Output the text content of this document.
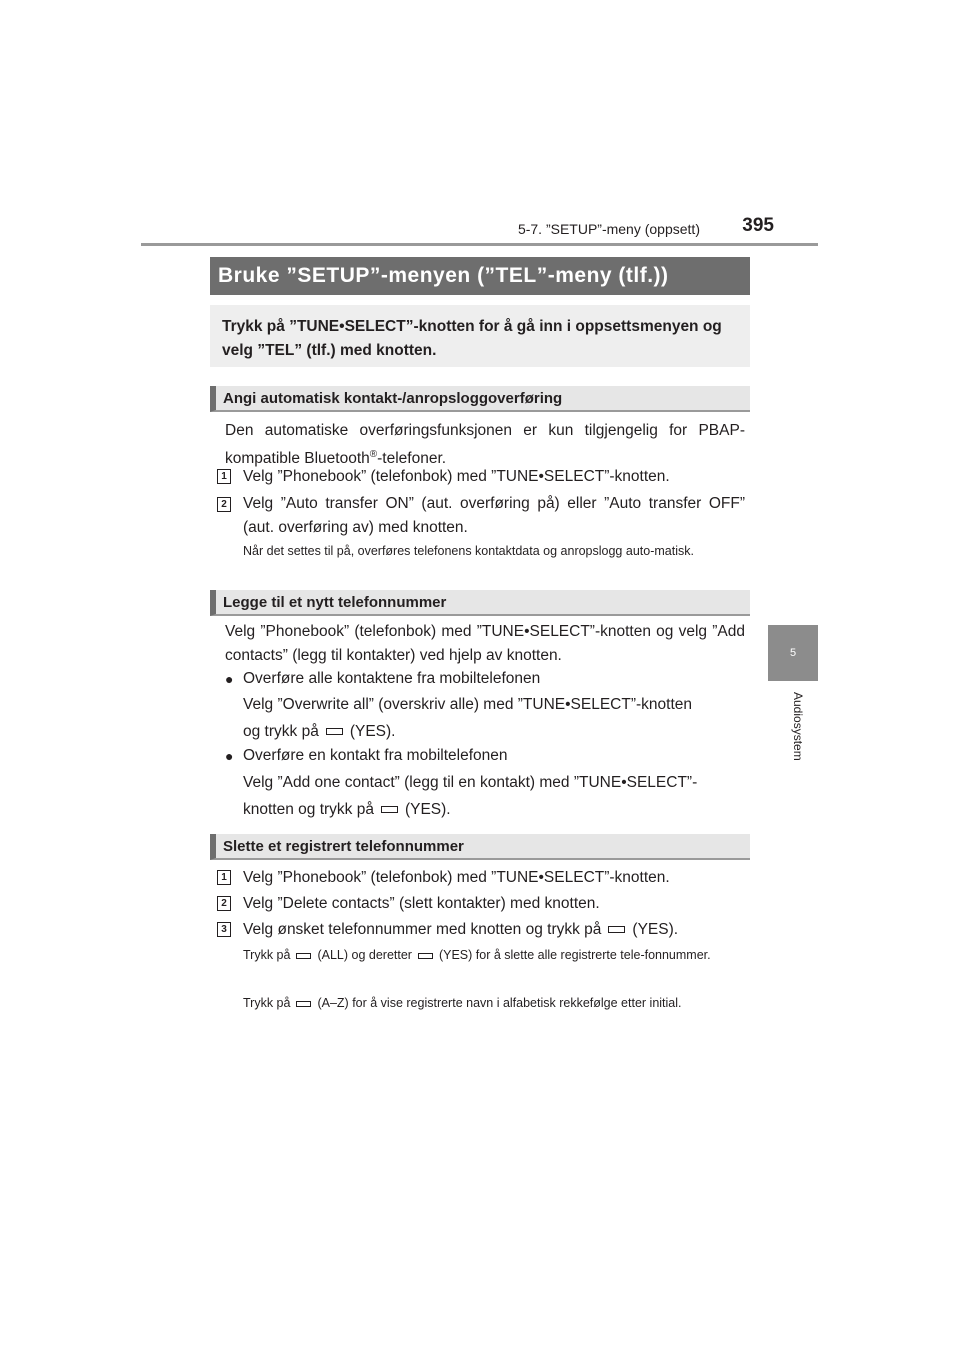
5-7. ”SETUP”-meny (oppsett)	395
5
Audiosystem
Bruke ”SETUP”-menyen (”TEL”-meny (tlf.))
Trykk på ”TUNE•SELECT”-knotten for å gå inn i oppsettsmenyen og velg ”TEL” (tlf.) med knotten.
Angi automatisk kontakt-/anropsloggoverføring
Den automatiske overføringsfunksjonen er kun tilgjengelig for PBAP-kompatible Bluetooth®-telefoner.
1 Velg ”Phonebook” (telefonbok) med ”TUNE•SELECT”-knotten.
2 Velg ”Auto transfer ON” (aut. overføring på) eller ”Auto transfer OFF” (aut. overføring av) med knotten.
Når det settes til på, overføres telefonens kontaktdata og anropslogg auto-matisk.
Legge til et nytt telefonnummer
Velg ”Phonebook” (telefonbok) med ”TUNE•SELECT”-knotten og velg ”Add contacts” (legg til kontakter) ved hjelp av knotten.
● Overføre alle kontaktene fra mobiltelefonen
Velg ”Overwrite all” (overskriv alle) med ”TUNE•SELECT”-knotten
og trykk på (YES).
● Overføre en kontakt fra mobiltelefonen
Velg ”Add one contact” (legg til en kontakt) med ”TUNE•SELECT”-
knotten og trykk på (YES).
Slette et registrert telefonnummer
1 Velg ”Phonebook” (telefonbok) med ”TUNE•SELECT”-knotten.
2 Velg ”Delete contacts” (slett kontakter) med knotten.
3 Velg ønsket telefonnummer med knotten og trykk på (YES).
Trykk på (ALL) og deretter (YES) for å slette alle registrerte tele-fonnummer.
Trykk på (A–Z) for å vise registrerte navn i alfabetisk rekkefølge etter initial.
